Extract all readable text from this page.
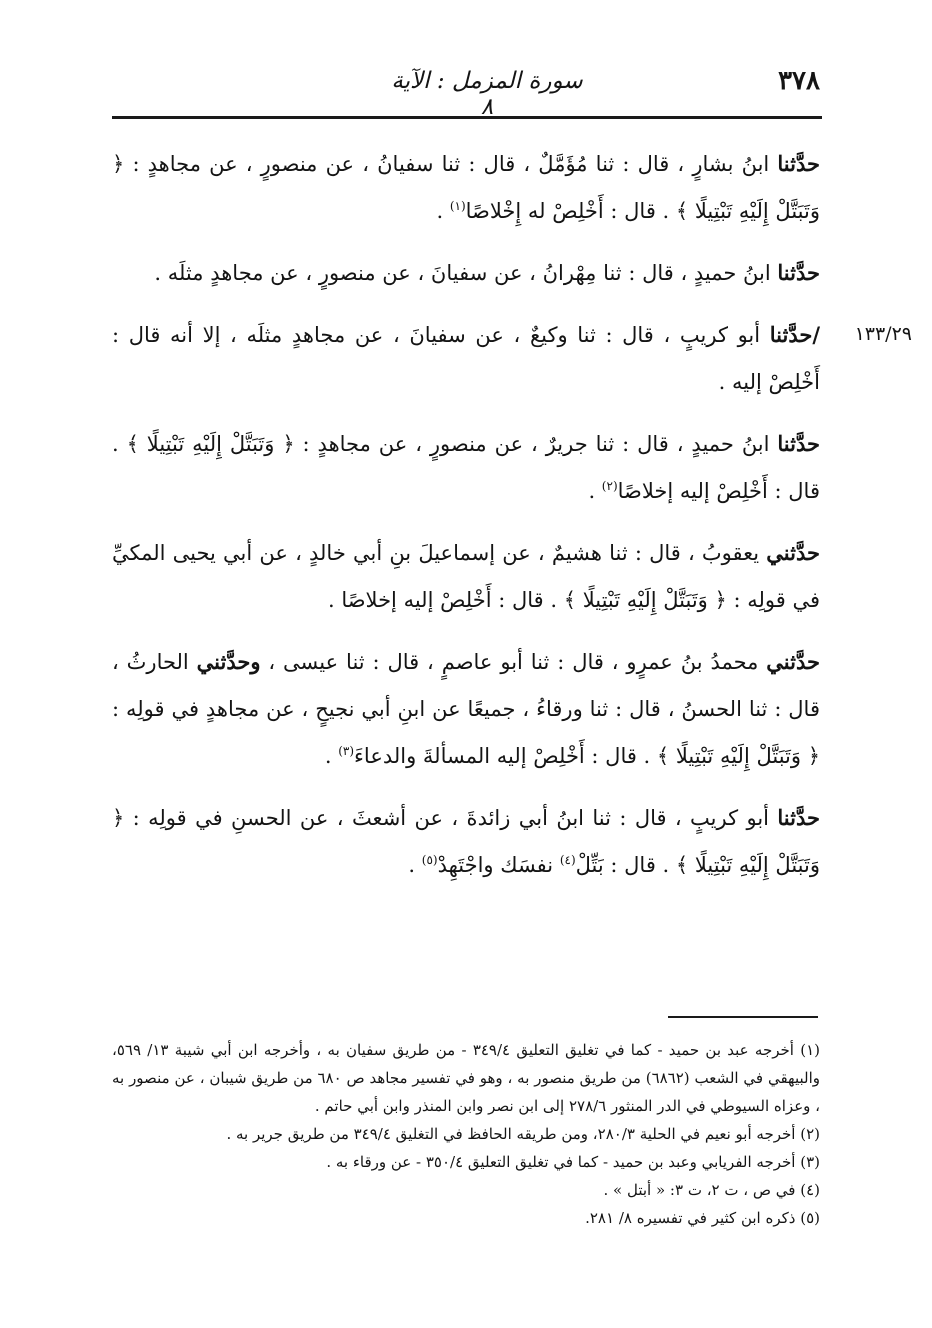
٣٧٨
سورة المزمل : الآية ٨

حدَّثنا ابنُ بشارٍ ، قال : ثنا مُؤَمَّلٌ ، قال : ثنا سفيانُ ، عن منصورٍ ، عن مجاهدٍ : ﴿ وَتَبَتَّلْ إِلَيْهِ تَبْتِيلًا ﴾ . قال : أَخْلِصْ له إِخْلاصًا$^{(١)}$ .

حدَّثنا ابنُ حميدٍ ، قال : ثنا مِهْرانُ ، عن سفيانَ ، عن منصورٍ ، عن مجاهدٍ مثلَه .

١٣٣/٢٩

/حدَّثنا أبو كريبٍ ، قال : ثنا وكيعٌ ، عن سفيانَ ، عن مجاهدٍ مثلَه ، إلا أنه قال : أَخْلِصْ إليه .

حدَّثنا ابنُ حميدٍ ، قال : ثنا جريرٌ ، عن منصورٍ ، عن مجاهدٍ : ﴿ وَتَبَتَّلْ إِلَيْهِ تَبْتِيلًا ﴾ . قال : أَخْلِصْ إليه إخلاصًا$^{(٢)}$ .

حدَّثني يعقوبُ ، قال : ثنا هشيمٌ ، عن إسماعيلَ بنِ أبي خالدٍ ، عن أبي يحيى المكيِّ في قولِه : ﴿ وَتَبَتَّلْ إِلَيْهِ تَبْتِيلًا ﴾ . قال : أَخْلِصْ إليه إخلاصًا .

حدَّثني محمدُ بنُ عمرٍو ، قال : ثنا أبو عاصمٍ ، قال : ثنا عيسى ، وحدَّثني الحارثُ ، قال : ثنا الحسنُ ، قال : ثنا ورقاءُ ، جميعًا عن ابنِ أبي نجيحٍ ، عن مجاهدٍ في قولِه : ﴿ وَتَبَتَّلْ إِلَيْهِ تَبْتِيلًا ﴾ . قال : أَخْلِصْ إليه المسألةَ والدعاءَ$^{(٣)}$ .

حدَّثنا أبو كريبٍ ، قال : ثنا ابنُ أبي زائدةَ ، عن أشعثَ ، عن الحسنِ في قولِه : ﴿ وَتَبَتَّلْ إِلَيْهِ تَبْتِيلًا ﴾ . قال : بَتِّلْ$^{(٤)}$ نفسَك واجْتَهِدْ$^{(٥)}$ .

(١) أخرجه عبد بن حميد - كما في تغليق التعليق ٣٤٩/٤ - من طريق سفيان به ، وأخرجه ابن أبي شيبة ١٣/ ٥٦٩، والبيهقي في الشعب (٦٨٦٢) من طريق منصور به ، وهو في تفسير مجاهد ص ٦٨٠ من طريق شيبان ، عن منصور به ، وعزاه السيوطي في الدر المنثور ٢٧٨/٦ إلى ابن نصر وابن المنذر وابن أبي حاتم .

(٢) أخرجه أبو نعيم في الحلية ٢٨٠/٣، ومن طريقه الحافظ في التغليق ٣٤٩/٤ من طريق جرير به .

(٣) أخرجه الفريابي وعبد بن حميد - كما في تغليق التعليق ٣٥٠/٤ - عن ورقاء به .

(٤) في ص ، ت ٢، ت ٣: « أبتل » .

(٥) ذكره ابن كثير في تفسيره ٨/ ٢٨١.
